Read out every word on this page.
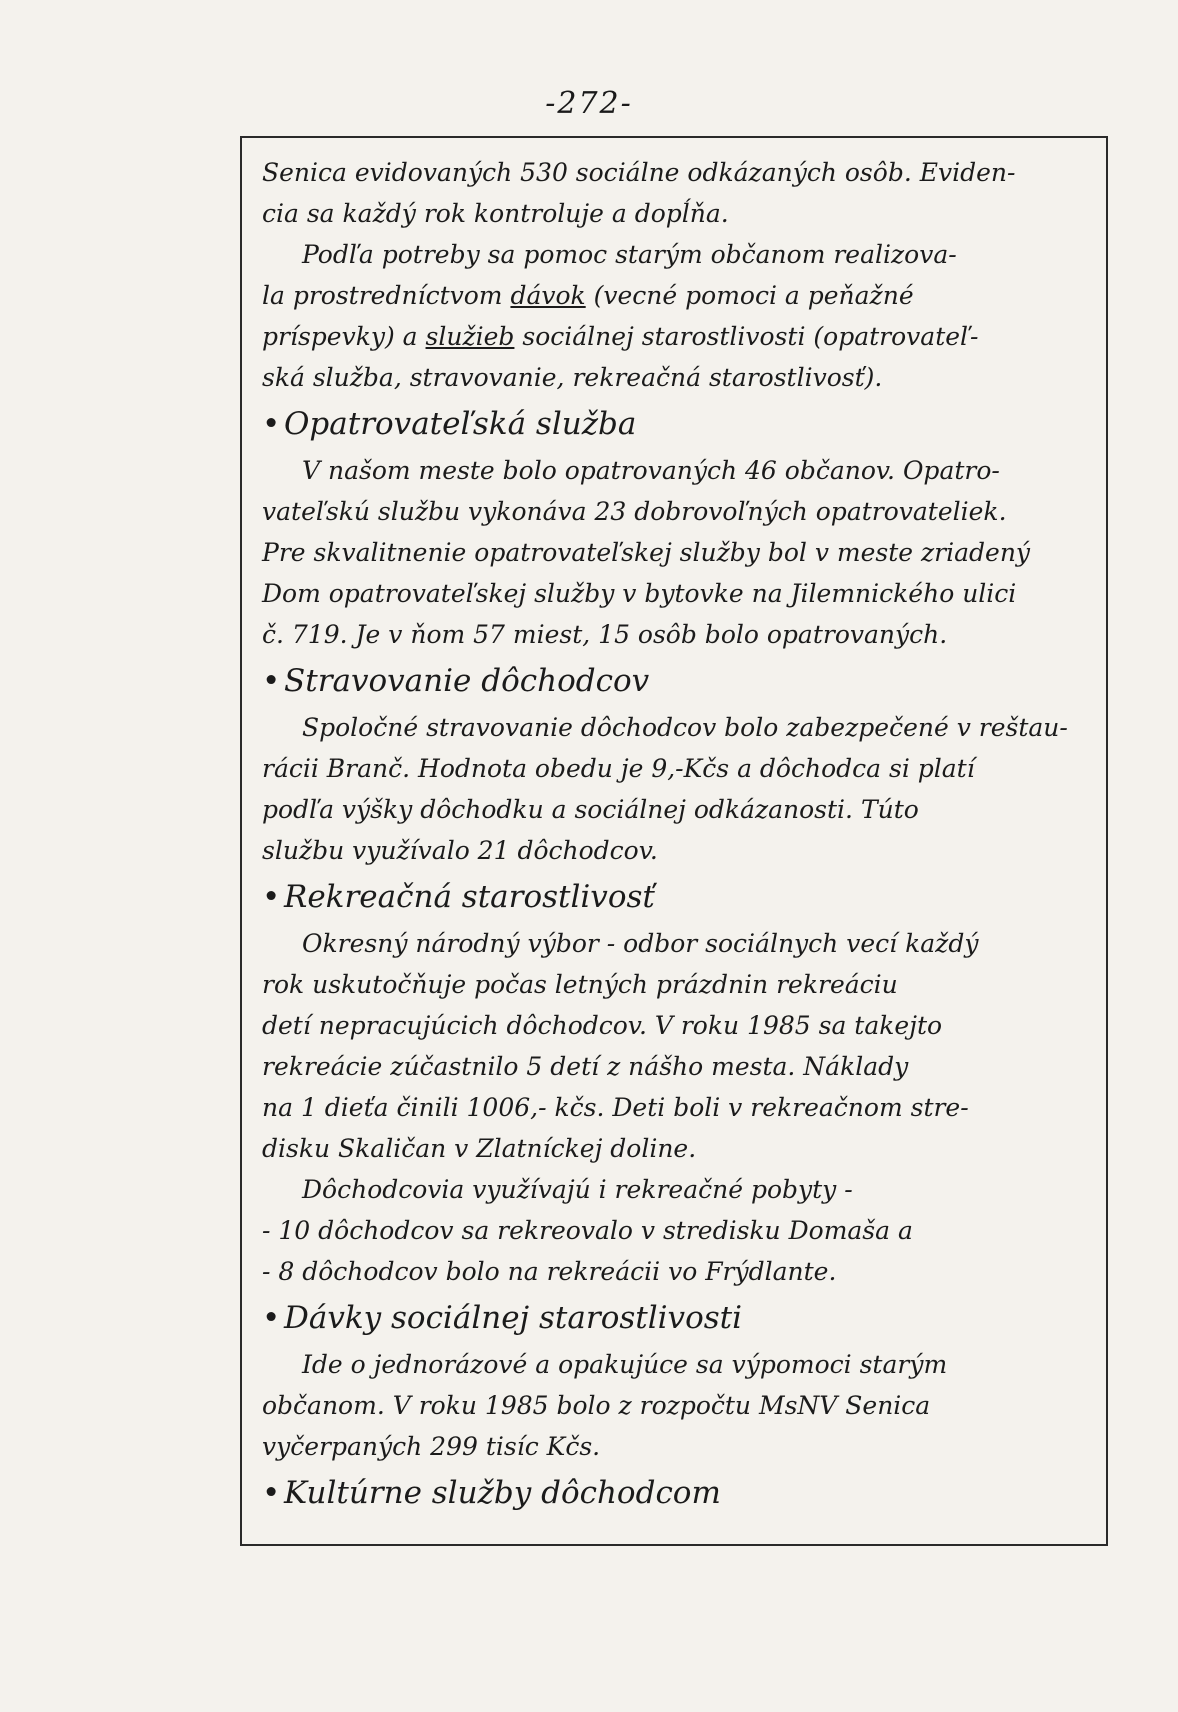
-272-
Senica evidovaných 530 sociálne odkázaných osôb. Eviden-
cia sa každý rok kontroluje a dopĺňa.
Podľa potreby sa pomoc starým občanom realizova-
la prostredníctvom dávok (vecné pomoci a peňažné
príspevky) a služieb sociálnej starostlivosti (opatrovateľ-
ská služba, stravovanie, rekreačná starostlivosť).
• Opatrovateľská služba
V našom meste bolo opatrovaných 46 občanov. Opatro-
vateľskú službu vykonáva 23 dobrovoľných opatrovateliek.
Pre skvalitnenie opatrovateľskej služby bol v meste zriadený
Dom opatrovateľskej služby v bytovke na Jilemnického ulici
č. 719. Je v ňom 57 miest, 15 osôb bolo opatrovaných.
• Stravovanie dôchodcov
Spoločné stravovanie dôchodcov bolo zabezpečené v reštau-
rácii Branč. Hodnota obedu je 9,-Kčs a dôchodca si platí
podľa výšky dôchodku a sociálnej odkázanosti. Túto
službu využívalo 21 dôchodcov.
• Rekreačná starostlivosť
Okresný národný výbor - odbor sociálnych vecí každý
rok uskutočňuje počas letných prázdnin rekreáciu
detí nepracujúcich dôchodcov. V roku 1985 sa takejto
rekreácie zúčastnilo 5 detí z nášho mesta. Náklady
na 1 dieťa činili 1006,- kčs. Deti boli v rekreačnom stre-
disku Skaličan v Zlatníckej doline.
Dôchodcovia využívajú i rekreačné pobyty -
- 10 dôchodcov sa rekreovalo v stredisku Domaša a
- 8 dôchodcov bolo na rekreácii vo Frýdlante.
• Dávky sociálnej starostlivosti
Ide o jednorázové a opakujúce sa výpomoci starým
občanom. V roku 1985 bolo z rozpočtu MsNV Senica
vyčerpaných 299 tisíc Kčs.
• Kultúrne služby dôchodcom
